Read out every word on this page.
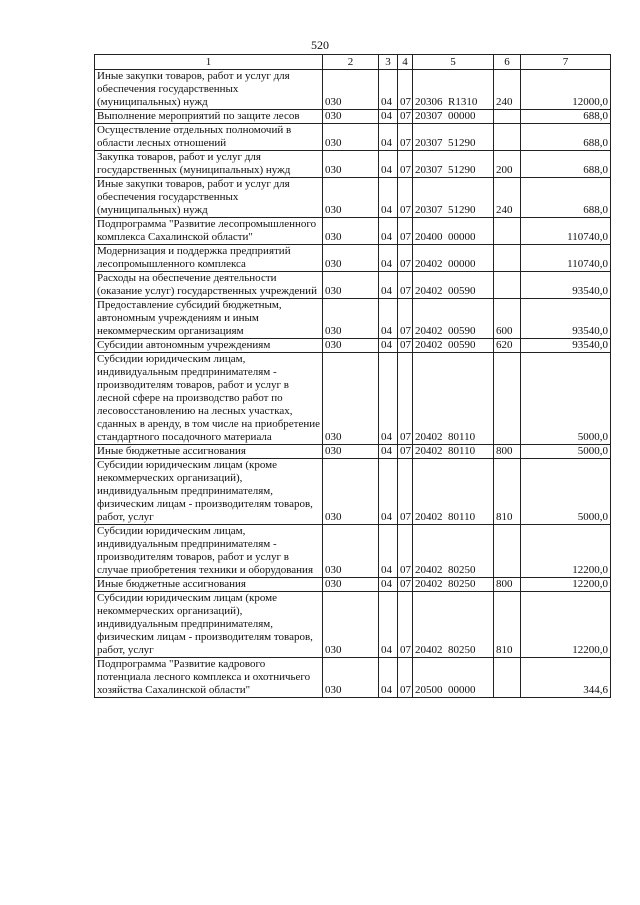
520
1	2	3	4	5	6	7
Иные закупки товаров, работ и услуг для обеспечения государственных (муниципальных) нужд	030	04	07	20306  R1310	240	12000,0
Выполнение мероприятий по защите лесов	030	04	07	20307  00000		688,0
Осуществление отдельных полномочий в области лесных отношений	030	04	07	20307  51290		688,0
Закупка товаров, работ и услуг для государственных (муниципальных) нужд	030	04	07	20307  51290	200	688,0
Иные закупки товаров, работ и услуг для обеспечения государственных (муниципальных) нужд	030	04	07	20307  51290	240	688,0
Подпрограмма "Развитие лесопромышленного комплекса Сахалинской области"	030	04	07	20400  00000		110740,0
Модернизация и поддержка предприятий лесопромышленного комплекса	030	04	07	20402  00000		110740,0
Расходы на обеспечение деятельности (оказание услуг) государственных учреждений	030	04	07	20402  00590		93540,0
Предоставление субсидий бюджетным, автономным учреждениям и иным некоммерческим организациям	030	04	07	20402  00590	600	93540,0
Субсидии автономным учреждениям	030	04	07	20402  00590	620	93540,0
Субсидии юридическим лицам, индивидуальным предпринимателям - производителям товаров, работ и услуг в лесной сфере на производство работ по лесовосстановлению на лесных участках, сданных в аренду, в том числе на приобретение стандартного посадочного материала	030	04	07	20402  80110		5000,0
Иные бюджетные ассигнования	030	04	07	20402  80110	800	5000,0
Субсидии юридическим лицам (кроме некоммерческих организаций), индивидуальным предпринимателям, физическим лицам - производителям товаров, работ, услуг	030	04	07	20402  80110	810	5000,0
Субсидии юридическим лицам, индивидуальным предпринимателям - производителям товаров, работ и услуг в случае приобретения техники и оборудования	030	04	07	20402  80250		12200,0
Иные бюджетные ассигнования	030	04	07	20402  80250	800	12200,0
Субсидии юридическим лицам (кроме некоммерческих организаций), индивидуальным предпринимателям, физическим лицам - производителям товаров, работ, услуг	030	04	07	20402  80250	810	12200,0
Подпрограмма "Развитие кадрового потенциала лесного комплекса и охотничьего хозяйства Сахалинской области"	030	04	07	20500  00000		344,6
